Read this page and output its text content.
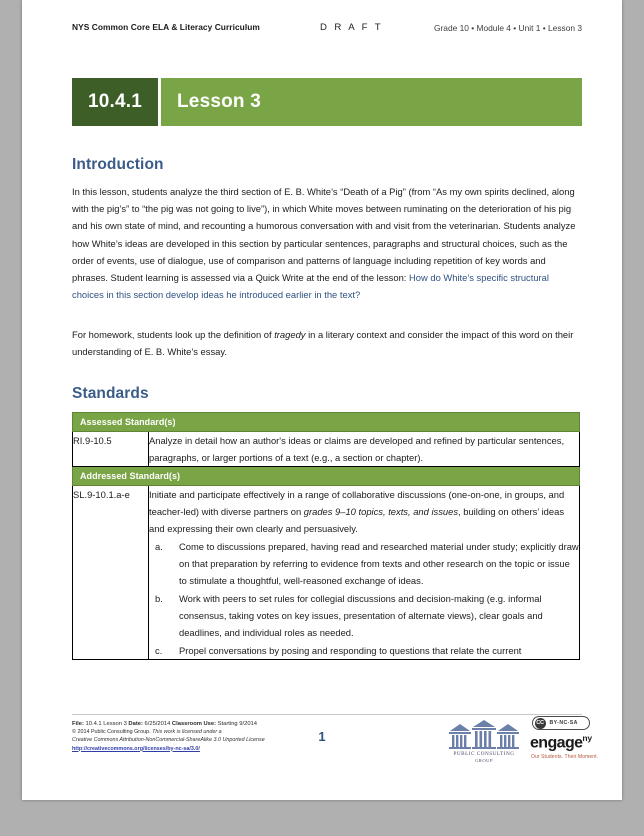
NYS Common Core ELA & Literacy Curriculum	D R A F T	Grade 10 • Module 4 • Unit 1 • Lesson 3
10.4.1	Lesson 3
Introduction
In this lesson, students analyze the third section of E. B. White’s “Death of a Pig” (from “As my own spirits declined, along with the pig’s” to “the pig was not going to live”), in which White moves between ruminating on the deterioration of his pig and his own state of mind, and recounting a humorous conversation with and visit from the veterinarian. Students analyze how White’s ideas are developed in this section by particular sentences, paragraphs and structural choices, such as the order of events, use of dialogue, use of comparison and patterns of language including repetition of key words and phrases. Student learning is assessed via a Quick Write at the end of the lesson: How do White’s specific structural choices in this section develop ideas he introduced earlier in the text?
For homework, students look up the definition of tragedy in a literary context and consider the impact of this word on their understanding of E. B. White’s essay.
Standards
Assessed Standard(s)	
RI.9-10.5	Analyze in detail how an author's ideas or claims are developed and refined by particular sentences, paragraphs, or larger portions of a text (e.g., a section or chapter).
Addressed Standard(s)	
SL.9-10.1.a-e	Initiate and participate effectively in a range of collaborative discussions (one-on-one, in groups, and teacher-led) with diverse partners on grades 9–10 topics, texts, and issues, building on others’ ideas and expressing their own clearly and persuasively.
a. Come to discussions prepared, having read and researched material under study; explicitly draw on that preparation by referring to evidence from texts and other research on the topic or issue to stimulate a thoughtful, well-reasoned exchange of ideas.
b. Work with peers to set rules for collegial discussions and decision-making (e.g. informal consensus, taking votes on key issues, presentation of alternate views), clear goals and deadlines, and individual roles as needed.
c. Propel conversations by posing and responding to questions that relate the current
File: 10.4.1 Lesson 3 Date: 6/25/2014 Classroom Use: Starting 9/2014
© 2014 Public Consulting Group. This work is licensed under a
Creative Commons Attribution-NonCommercial-ShareAlike 3.0 Unported License
http://creativecommons.org/licenses/by-nc-sa/3.0/
1
PUBLIC CONSULTING
GROUP
CC	BY-NC-SA
engage$^{ny}$
Our Students. Their Moment.
